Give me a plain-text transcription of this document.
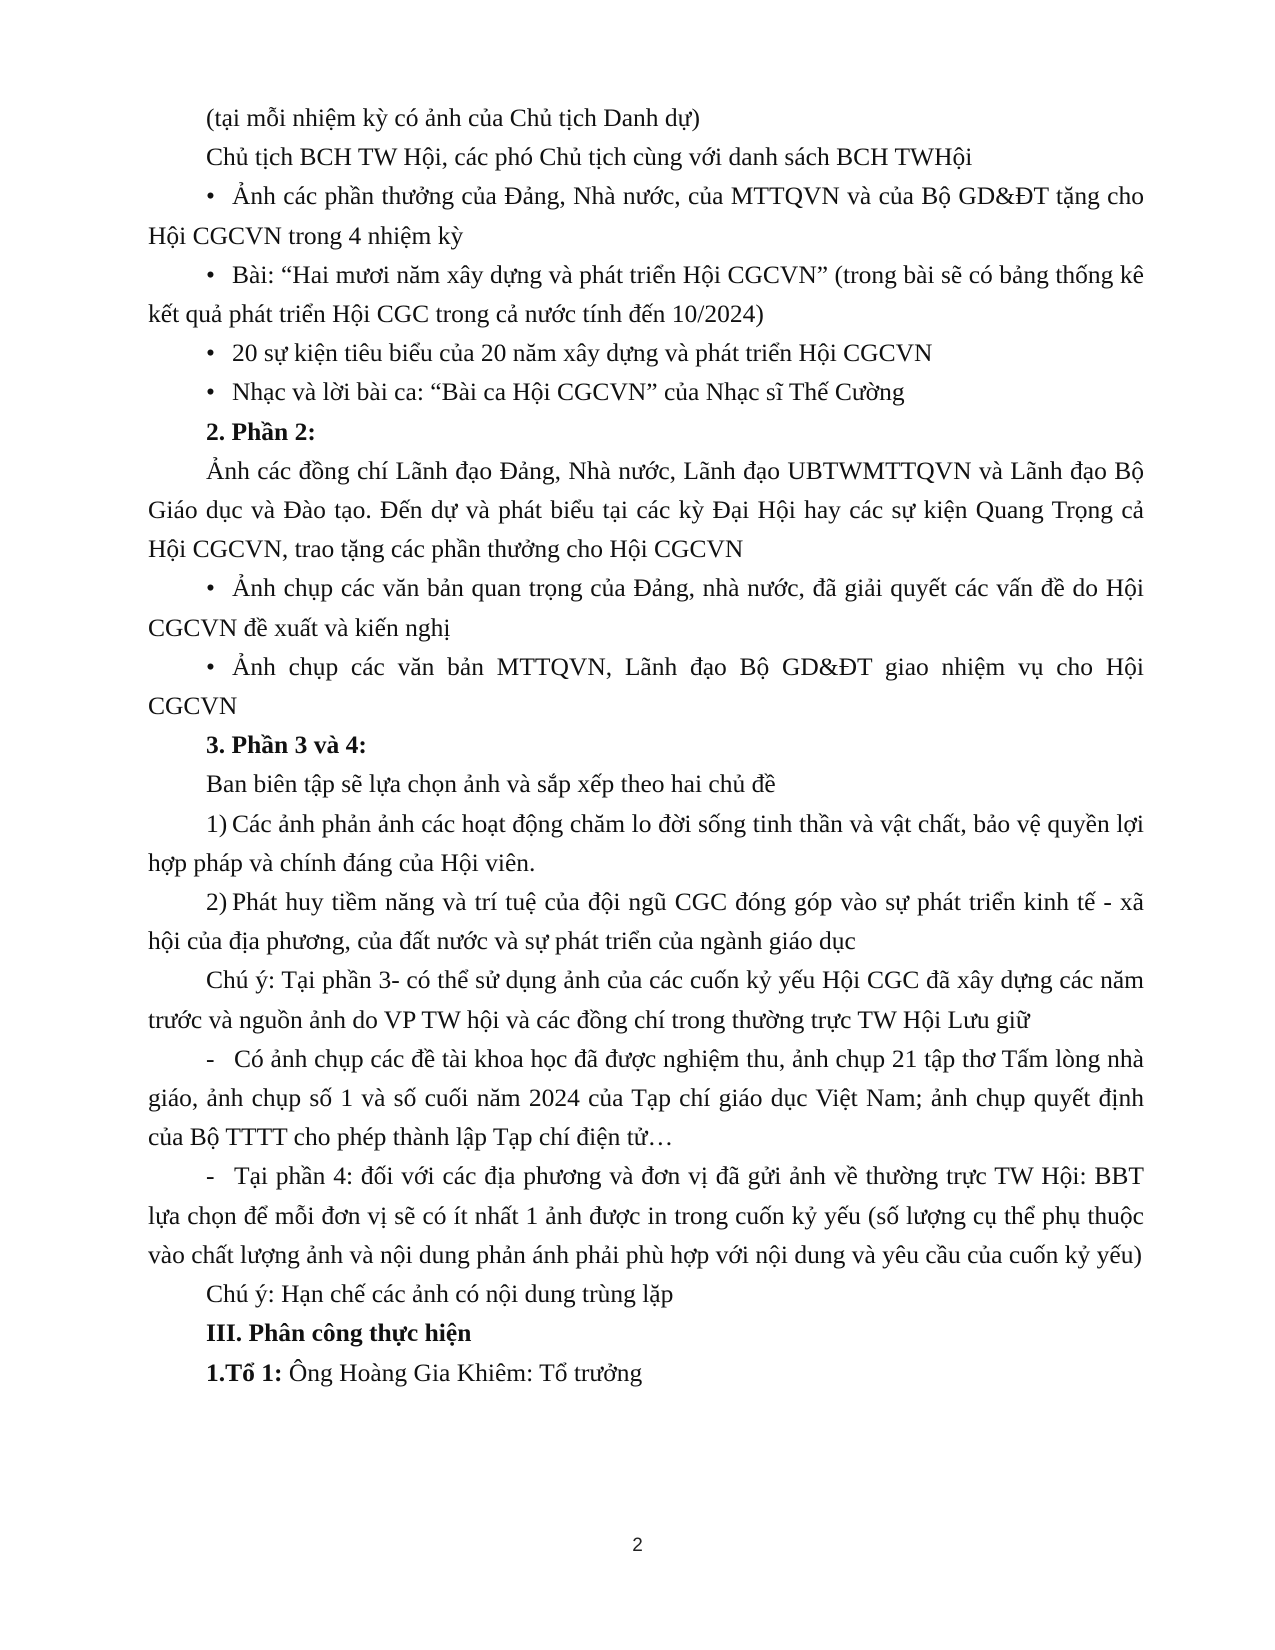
(tại mỗi nhiệm kỳ có ảnh của Chủ tịch Danh dự)

Chủ tịch BCH TW Hội, các phó Chủ tịch cùng với danh sách BCH TWHội

• Ảnh các phần thưởng của Đảng, Nhà nước, của MTTQVN và của Bộ GD&ĐT tặng cho Hội CGCVN trong 4 nhiệm kỳ

• Bài: “Hai mươi năm xây dựng và phát triển Hội CGCVN” (trong bài sẽ có bảng thống kê kết quả phát triển Hội CGC trong cả nước tính đến 10/2024)

• 20 sự kiện tiêu biểu của 20 năm xây dựng và phát triển Hội CGCVN

• Nhạc và lời bài ca: “Bài ca Hội CGCVN” của Nhạc sĩ Thế Cường

2. Phần 2:

Ảnh các đồng chí Lãnh đạo Đảng, Nhà nước, Lãnh đạo UBTWMTTQVN và Lãnh đạo Bộ Giáo dục và Đào tạo. Đến dự và phát biểu tại các kỳ Đại Hội hay các sự kiện Quang Trọng cả Hội CGCVN, trao tặng các phần thưởng cho Hội CGCVN

• Ảnh chụp các văn bản quan trọng của Đảng, nhà nước, đã giải quyết các vấn đề do Hội CGCVN đề xuất và kiến nghị

• Ảnh chụp các văn bản MTTQVN, Lãnh đạo Bộ GD&ĐT giao nhiệm vụ cho Hội CGCVN

3. Phần 3 và 4:

Ban biên tập sẽ lựa chọn ảnh và sắp xếp theo hai chủ đề

1) Các ảnh phản ảnh các hoạt động chăm lo đời sống tinh thần và vật chất, bảo vệ quyền lợi hợp pháp và chính đáng của Hội viên.

2) Phát huy tiềm năng và trí tuệ của đội ngũ CGC đóng góp vào sự phát triển kinh tế - xã hội của địa phương, của đất nước và sự phát triển của ngành giáo dục

Chú ý: Tại phần 3- có thể sử dụng ảnh của các cuốn kỷ yếu Hội CGC đã xây dựng các năm trước và nguồn ảnh do VP TW hội và các đồng chí trong thường trực TW Hội Lưu giữ

- Có ảnh chụp các đề tài khoa học đã được nghiệm thu, ảnh chụp 21 tập thơ Tấm lòng nhà giáo, ảnh chụp số 1 và số cuối năm 2024 của Tạp chí giáo dục Việt Nam; ảnh chụp quyết định của Bộ TTTT cho phép thành lập Tạp chí điện tử…

- Tại phần 4: đối với các địa phương và đơn vị đã gửi ảnh về thường trực TW Hội: BBT lựa chọn để mỗi đơn vị sẽ có ít nhất 1 ảnh được in trong cuốn kỷ yếu (số lượng cụ thể phụ thuộc vào chất lượng ảnh và nội dung phản ánh phải phù hợp với nội dung và yêu cầu của cuốn kỷ yếu)

Chú ý: Hạn chế các ảnh có nội dung trùng lặp

III. Phân công thực hiện

1.Tổ 1: Ông Hoàng Gia Khiêm: Tổ trưởng

2
